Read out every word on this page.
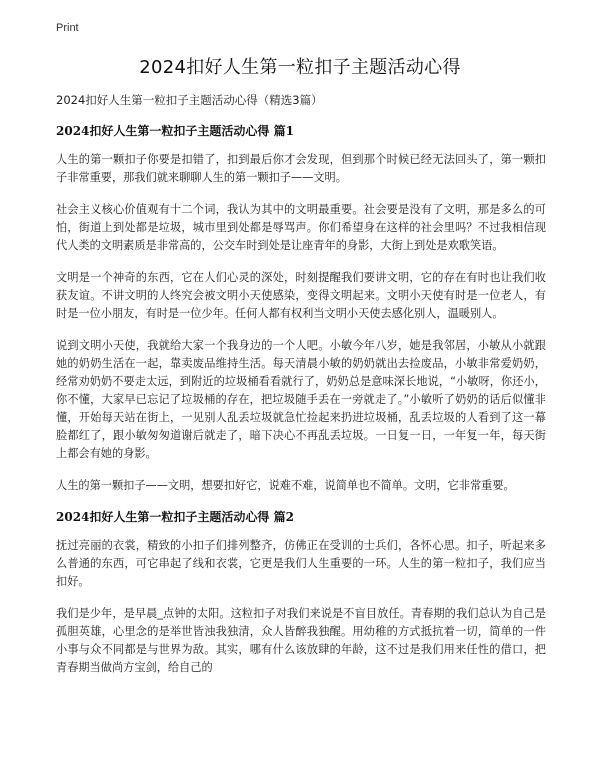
Print
2024扣好人生第一粒扣子主题活动心得

2024扣好人生第一粒扣子主题活动心得（精选3篇）

2024扣好人生第一粒扣子主题活动心得 篇1

人生的第一颗扣子你要是扣错了，扣到最后你才会发现，但到那个时候已经无法回头了，第一颗扣子非常重要，那我们就来聊聊人生的第一颗扣子——文明。

社会主义核心价值观有十二个词，我认为其中的文明最重要。社会要是没有了文明，那是多么的可怕，街道上到处都是垃圾，城市里到处都是辱骂声。你们希望身在这样的社会里吗？不过我相信现代人类的文明素质是非常高的，公交车时到处是让座青年的身影，大街上到处是欢歌笑语。

文明是一个神奇的东西，它在人们心灵的深处，时刻提醒我们要讲文明，它的存在有时也让我们收获友谊。不讲文明的人终究会被文明小天使感染，变得文明起来。文明小天使有时是一位老人，有时是一位小朋友，有时是一位少年。任何人都有权利当文明小天使去感化别人，温暖别人。

说到文明小天使，我就给大家一个我身边的一个人吧。小敏今年八岁，她是我邻居，小敏从小就跟她的奶奶生活在一起，靠卖废品维持生活。每天清晨小敏的奶奶就出去捡废品，小敏非常爱奶奶，经常劝奶奶不要走太远，到附近的垃圾桶看看就行了，奶奶总是意味深长地说，“小敏呀，你还小，你不懂，大家早已忘记了垃圾桶的存在，把垃圾随手丢在一旁就走了。”小敏听了奶奶的话后似懂非懂，开始每天站在街上，一见别人乱丢垃圾就急忙捡起来扔进垃圾桶，乱丢垃圾的人看到了这一幕脸都红了，跟小敏匆匆道谢后就走了，暗下决心不再乱丢垃圾。一日复一日，一年复一年，每天街上都会有她的身影。

人生的第一颗扣子——文明，想要扣好它，说难不难，说简单也不简单。文明，它非常重要。

2024扣好人生第一粒扣子主题活动心得 篇2

抚过亮丽的衣裳，精致的小扣子们排列整齐，仿佛正在受训的士兵们，各怀心思。扣子，听起来多么普通的东西，可它串起了线和衣裳，它更是我们人生重要的一环。人生的第一粒扣子，我们应当扣好。

我们是少年，是早晨_点钟的太阳。这粒扣子对我们来说是不盲目放任。青春期的我们总认为自己是孤胆英雄，心里念的是举世皆浊我独清，众人皆醉我独醒。用幼稚的方式抵抗着一切，简单的一件小事与众不同都是与世界为敌。其实，哪有什么该放肆的年龄，这不过是我们用来任性的借口，把青春期当做尚方宝剑，给自己的
